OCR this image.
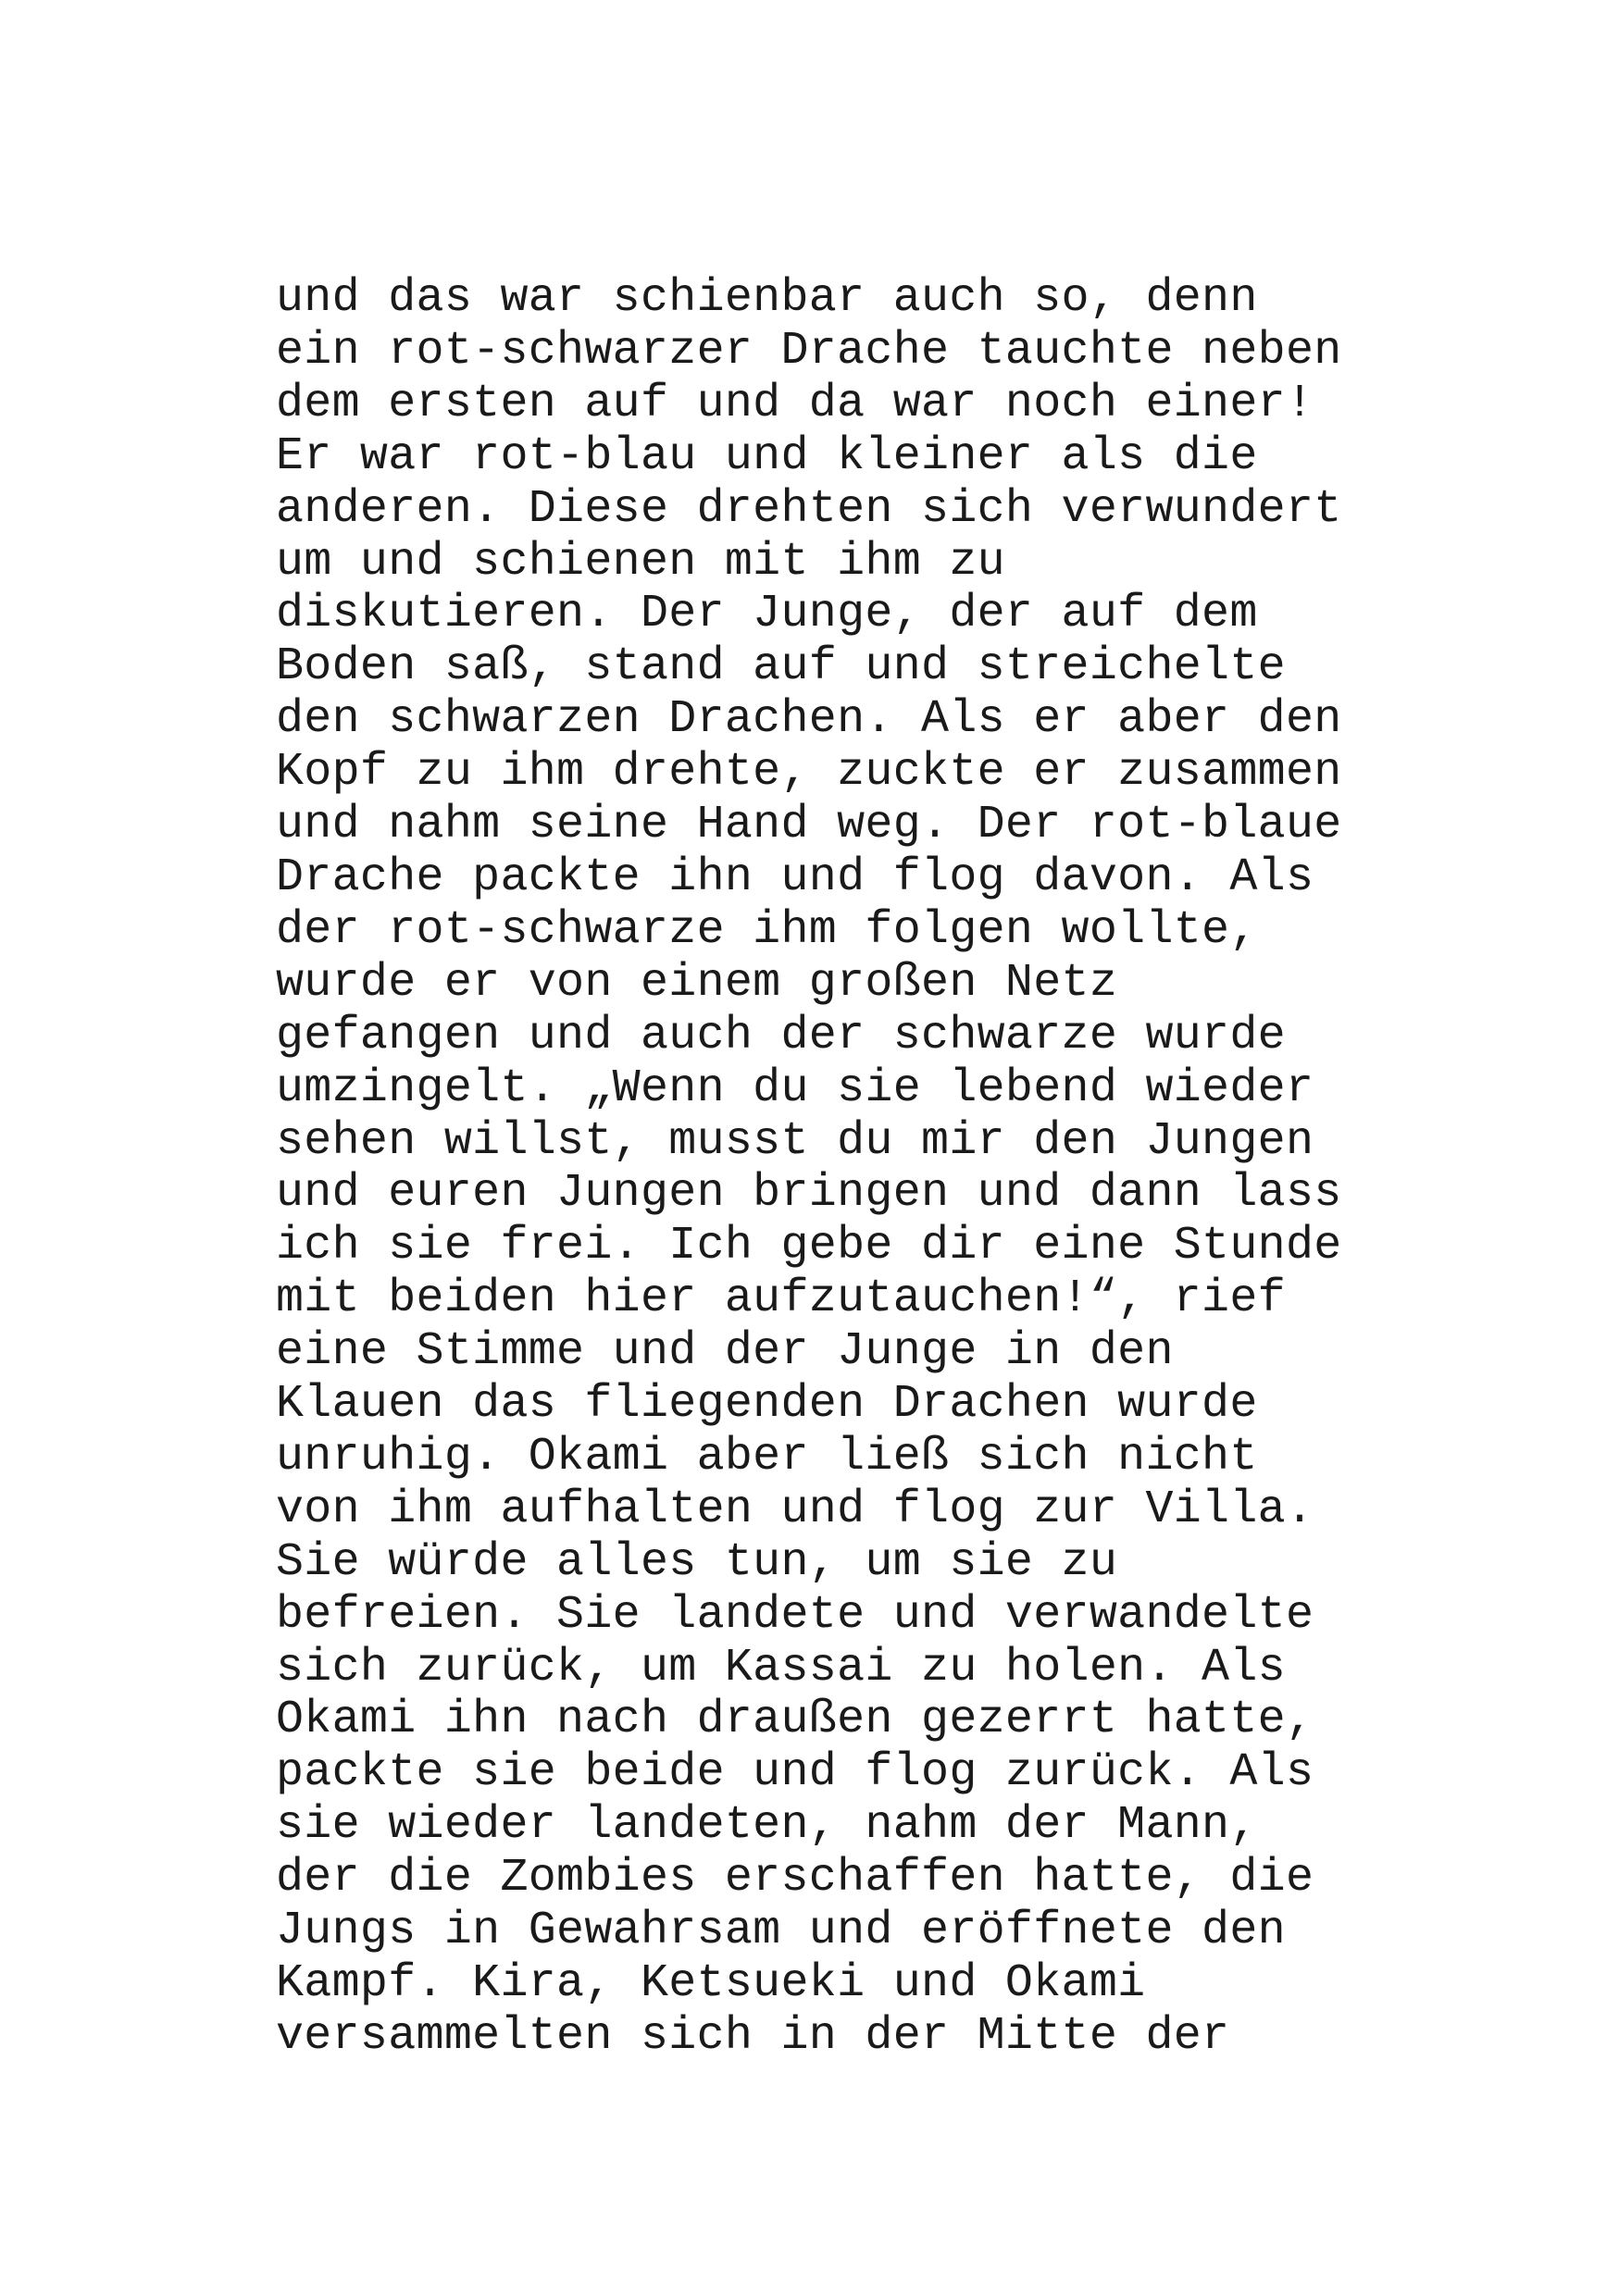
und das war schienbar auch so, denn
ein rot-schwarzer Drache tauchte neben
dem ersten auf und da war noch einer!
Er war rot-blau und kleiner als die
anderen. Diese drehten sich verwundert
um und schienen mit ihm zu
diskutieren. Der Junge, der auf dem
Boden saß, stand auf und streichelte
den schwarzen Drachen. Als er aber den
Kopf zu ihm drehte, zuckte er zusammen
und nahm seine Hand weg. Der rot-blaue
Drache packte ihn und flog davon. Als
der rot-schwarze ihm folgen wollte,
wurde er von einem großen Netz
gefangen und auch der schwarze wurde
umzingelt. „Wenn du sie lebend wieder
sehen willst, musst du mir den Jungen
und euren Jungen bringen und dann lass
ich sie frei. Ich gebe dir eine Stunde
mit beiden hier aufzutauchen!“, rief
eine Stimme und der Junge in den
Klauen das fliegenden Drachen wurde
unruhig. Okami aber ließ sich nicht
von ihm aufhalten und flog zur Villa.
Sie würde alles tun, um sie zu
befreien. Sie landete und verwandelte
sich zurück, um Kassai zu holen. Als
Okami ihn nach draußen gezerrt hatte,
packte sie beide und flog zurück. Als
sie wieder landeten, nahm der Mann,
der die Zombies erschaffen hatte, die
Jungs in Gewahrsam und eröffnete den
Kampf. Kira, Ketsueki und Okami
versammelten sich in der Mitte der
